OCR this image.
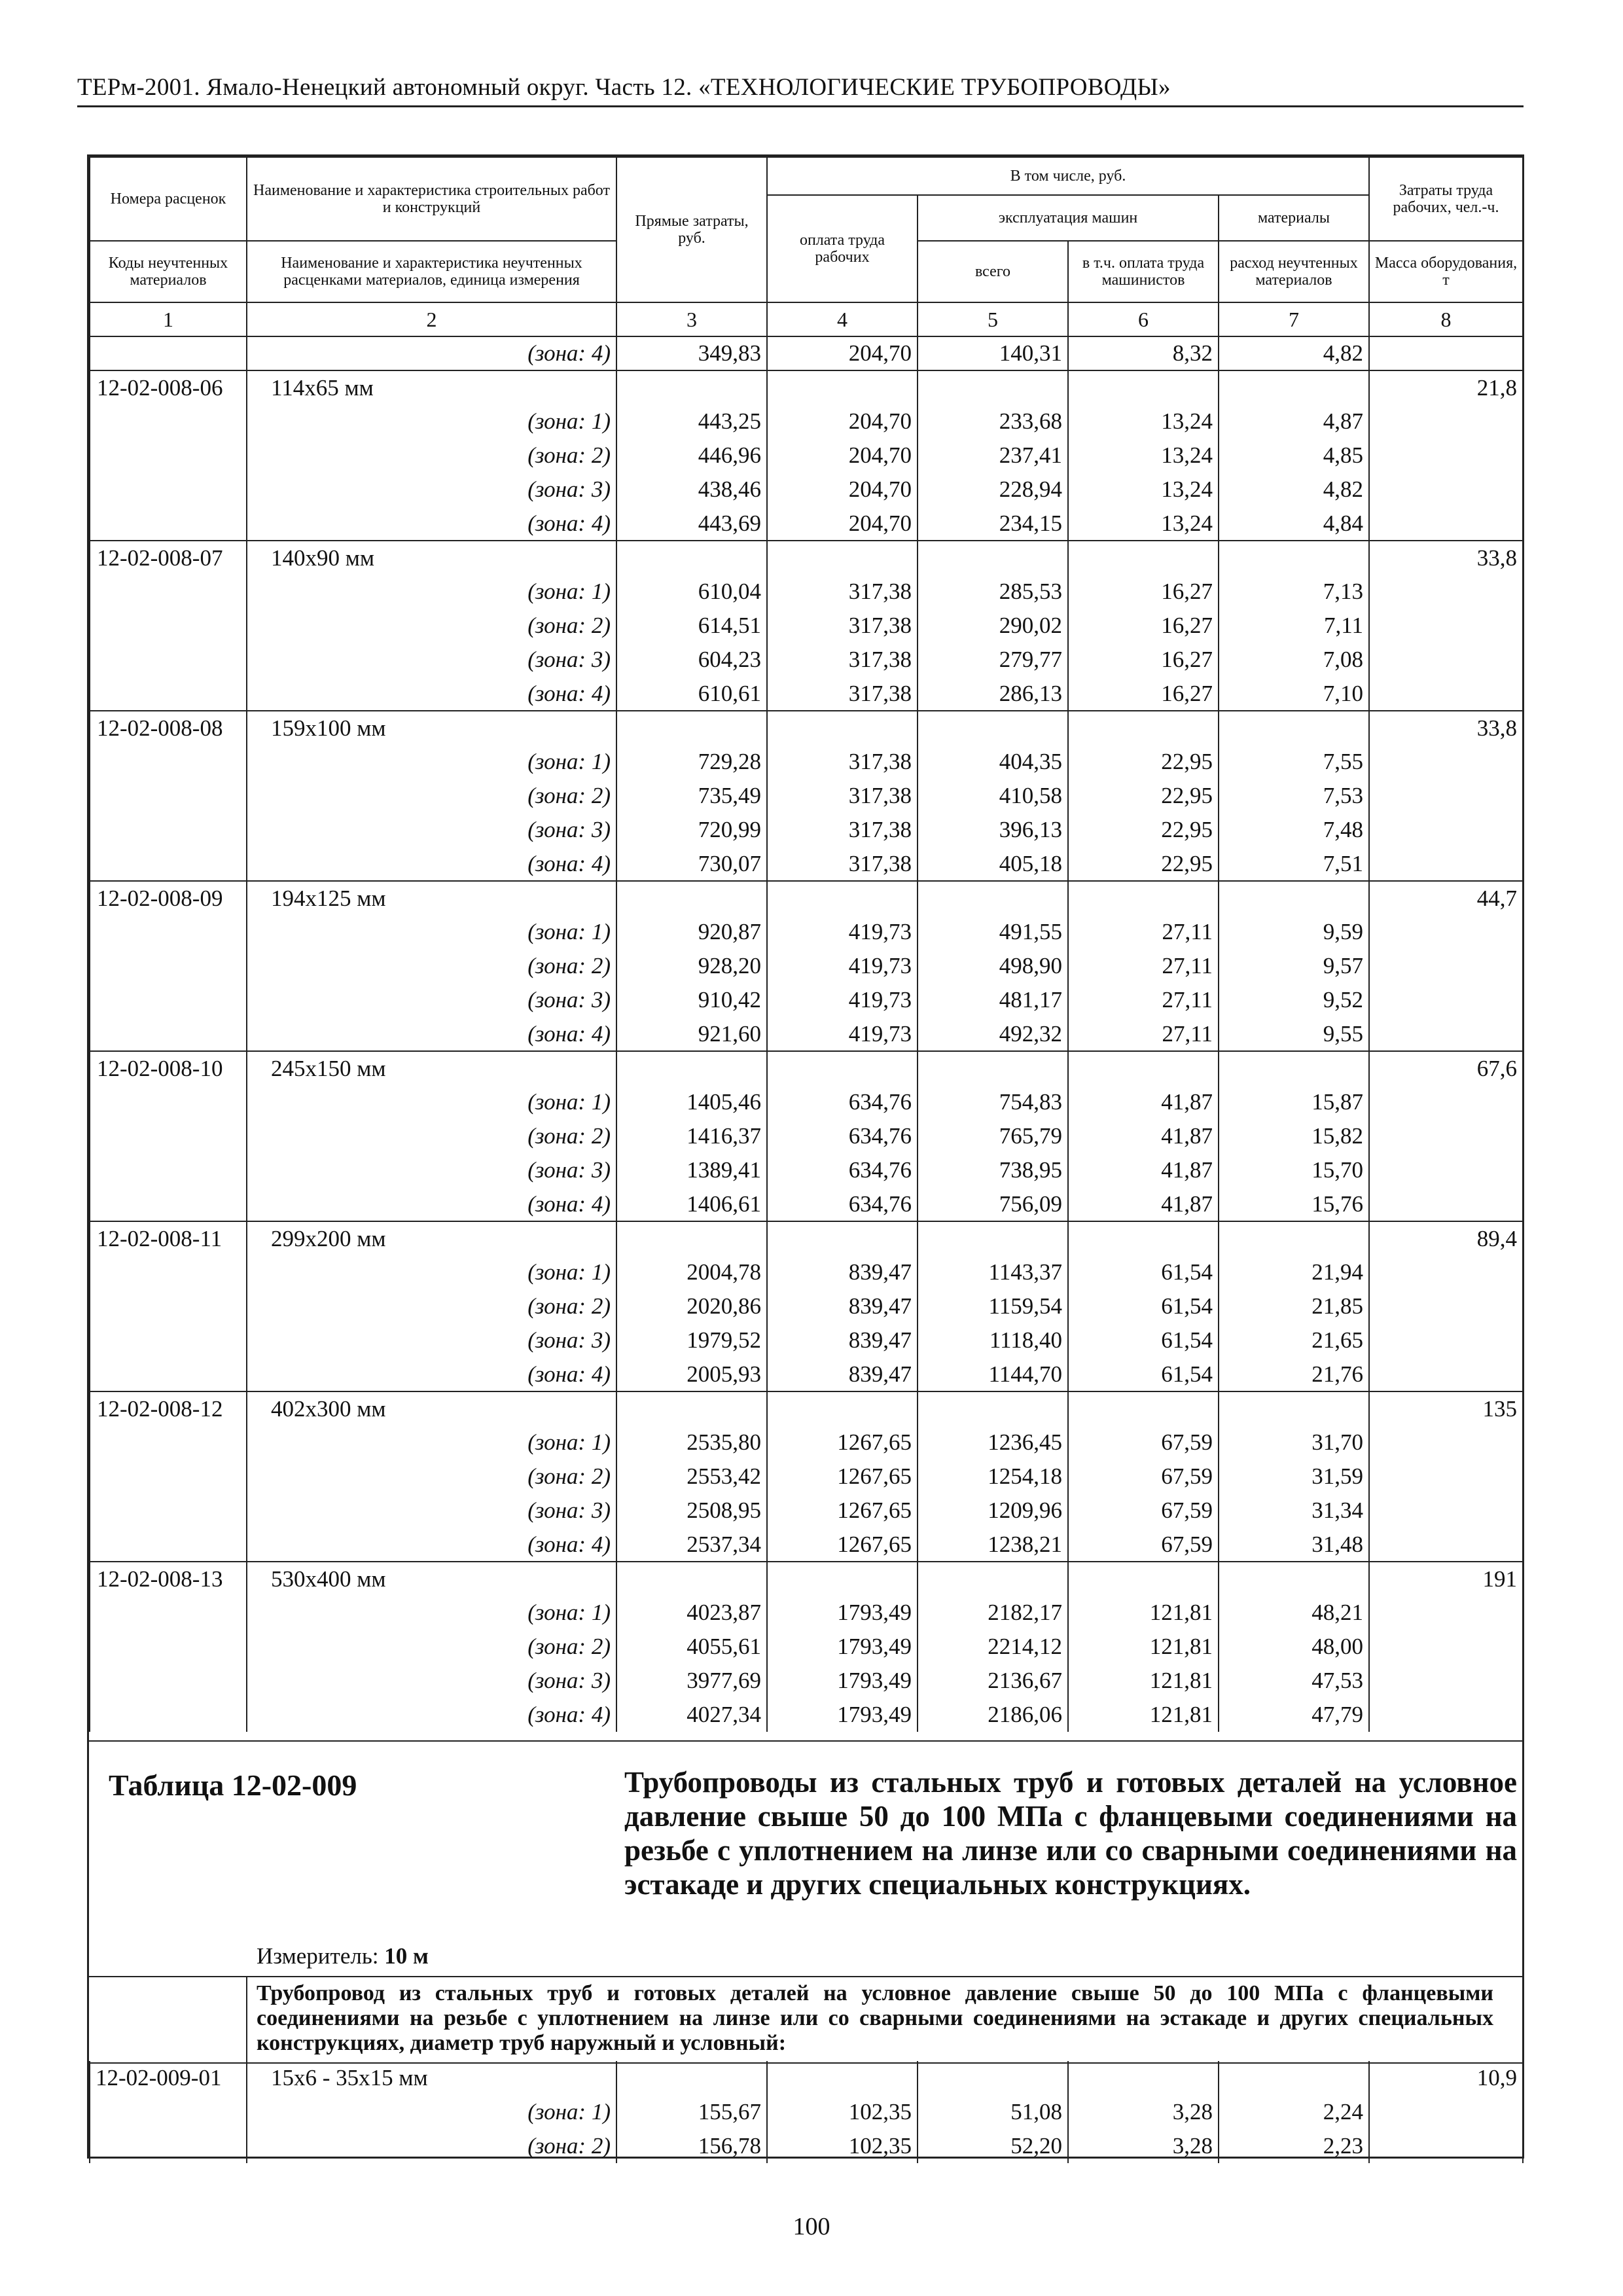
ТЕРм-2001. Ямало-Ненецкий автономный округ. Часть 12. «ТЕХНОЛОГИЧЕСКИЕ ТРУБОПРОВОДЫ»
Номера расценок	Наименование и характеристика строительных работ и конструкций	Прямые затраты, руб.	В том числе, руб.				Затраты труда рабочих, чел.-ч.
			оплата труда рабочих	эксплуатация машин		материалы	
Коды неучтенных материалов	Наименование и характеристика неучтенных расценками материалов, единица измерения			всего	в т.ч. оплата труда машинистов	расход неучтенных материалов	Масса оборудования, т
1	2	3	4	5	6	7	8
	(зона: 4)	349,83	204,70	140,31	8,32	4,82	
12-02-008-06	114х65 мм						21,8
	(зона: 1)	443,25	204,70	233,68	13,24	4,87	
	(зона: 2)	446,96	204,70	237,41	13,24	4,85	
	(зона: 3)	438,46	204,70	228,94	13,24	4,82	
	(зона: 4)	443,69	204,70	234,15	13,24	4,84	
12-02-008-07	140х90 мм						33,8
	(зона: 1)	610,04	317,38	285,53	16,27	7,13	
	(зона: 2)	614,51	317,38	290,02	16,27	7,11	
	(зона: 3)	604,23	317,38	279,77	16,27	7,08	
	(зона: 4)	610,61	317,38	286,13	16,27	7,10	
12-02-008-08	159х100 мм						33,8
	(зона: 1)	729,28	317,38	404,35	22,95	7,55	
	(зона: 2)	735,49	317,38	410,58	22,95	7,53	
	(зона: 3)	720,99	317,38	396,13	22,95	7,48	
	(зона: 4)	730,07	317,38	405,18	22,95	7,51	
12-02-008-09	194х125 мм						44,7
	(зона: 1)	920,87	419,73	491,55	27,11	9,59	
	(зона: 2)	928,20	419,73	498,90	27,11	9,57	
	(зона: 3)	910,42	419,73	481,17	27,11	9,52	
	(зона: 4)	921,60	419,73	492,32	27,11	9,55	
12-02-008-10	245х150 мм						67,6
	(зона: 1)	1405,46	634,76	754,83	41,87	15,87	
	(зона: 2)	1416,37	634,76	765,79	41,87	15,82	
	(зона: 3)	1389,41	634,76	738,95	41,87	15,70	
	(зона: 4)	1406,61	634,76	756,09	41,87	15,76	
12-02-008-11	299х200 мм						89,4
	(зона: 1)	2004,78	839,47	1143,37	61,54	21,94	
	(зона: 2)	2020,86	839,47	1159,54	61,54	21,85	
	(зона: 3)	1979,52	839,47	1118,40	61,54	21,65	
	(зона: 4)	2005,93	839,47	1144,70	61,54	21,76	
12-02-008-12	402х300 мм						135
	(зона: 1)	2535,80	1267,65	1236,45	67,59	31,70	
	(зона: 2)	2553,42	1267,65	1254,18	67,59	31,59	
	(зона: 3)	2508,95	1267,65	1209,96	67,59	31,34	
	(зона: 4)	2537,34	1267,65	1238,21	67,59	31,48	
12-02-008-13	530х400 мм						191
	(зона: 1)	4023,87	1793,49	2182,17	121,81	48,21	
	(зона: 2)	4055,61	1793,49	2214,12	121,81	48,00	
	(зона: 3)	3977,69	1793,49	2136,67	121,81	47,53	
	(зона: 4)	4027,34	1793,49	2186,06	121,81	47,79	
Таблица 12-02-009	Трубопроводы из стальных труб и готовых деталей на условное давление свыше 50 до 100 МПа с фланцевыми соединениями на резьбе с уплотнением на линзе или со сварными соединениями на эстакаде и других специальных конструкциях.
Измеритель: 10 м
Трубопровод из стальных труб и готовых деталей на условное давление свыше 50 до 100 МПа с фланцевыми соединениями на резьбе с уплотнением на линзе или со сварными соединениями на эстакаде и других специальных конструкциях, диаметр труб наружный и условный:
12-02-009-01	15х6 - 35х15 мм						10,9
	(зона: 1)	155,67	102,35	51,08	3,28	2,24	
	(зона: 2)	156,78	102,35	52,20	3,28	2,23	
100
